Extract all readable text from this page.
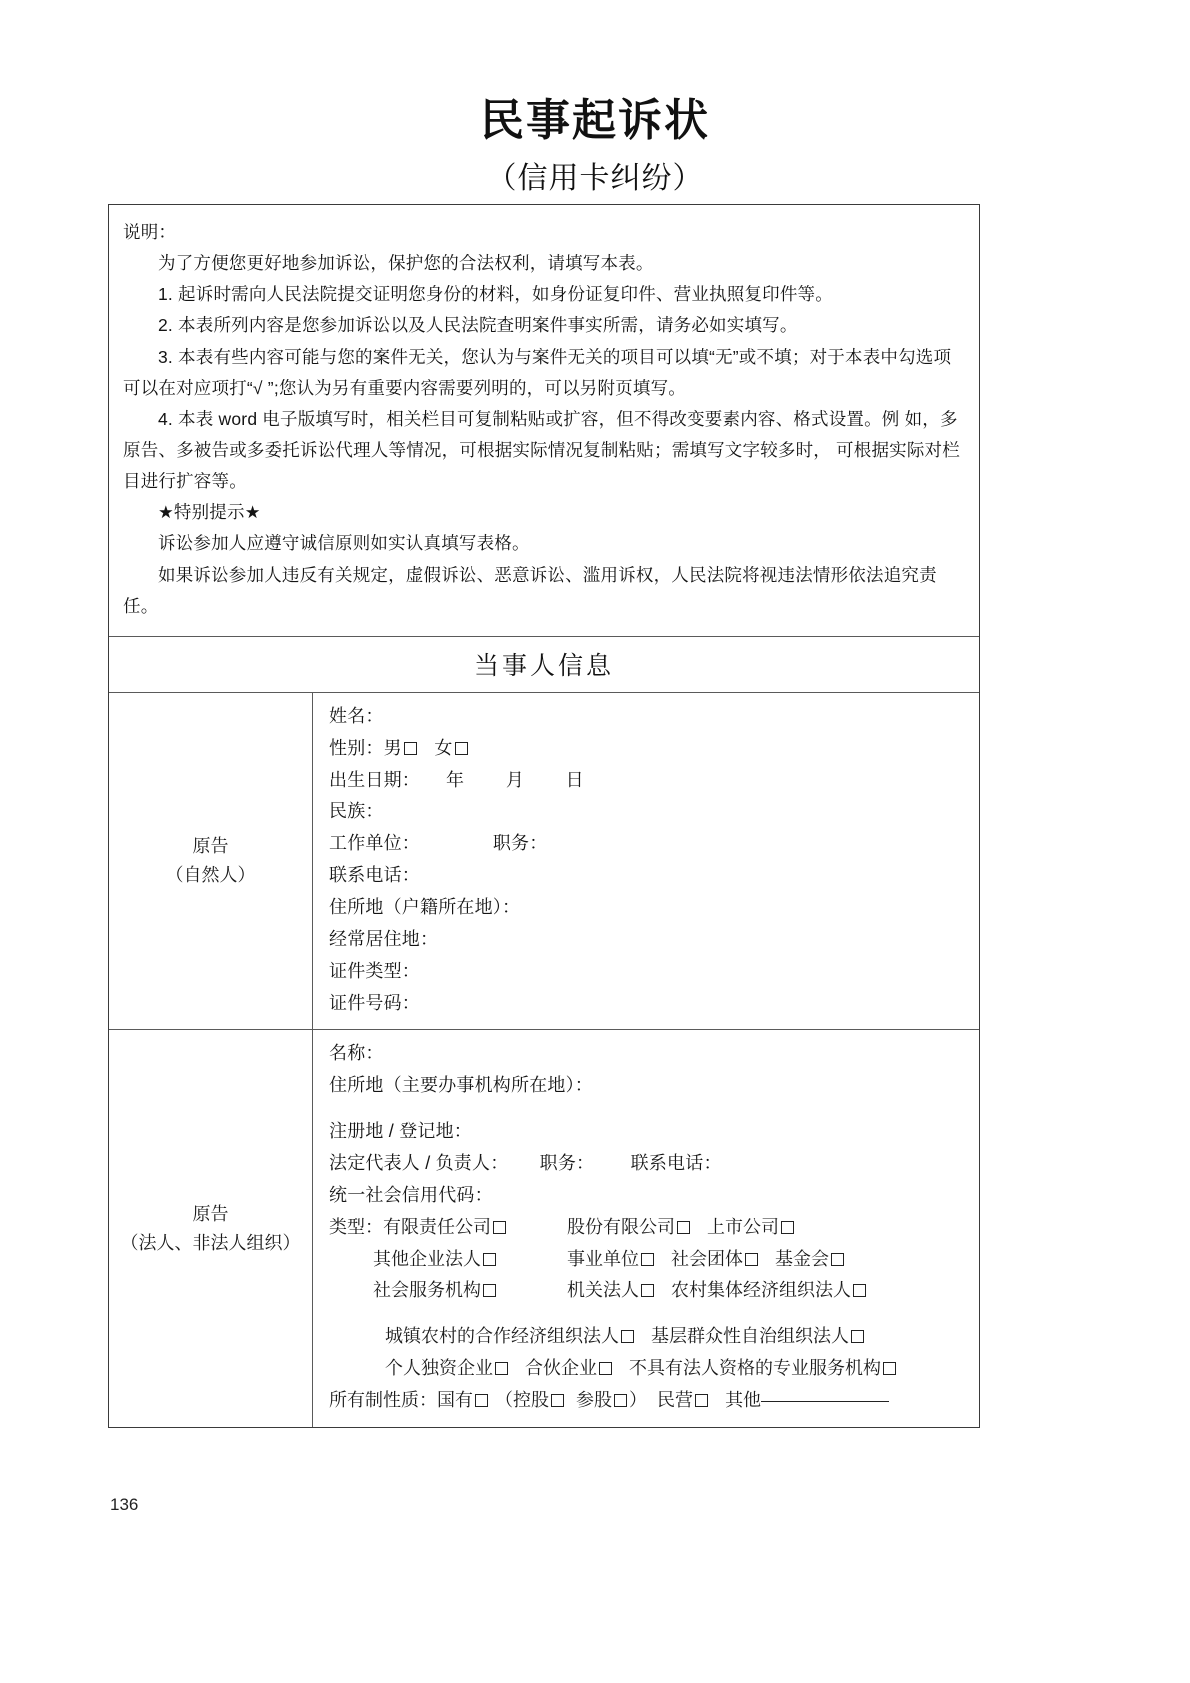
民事起诉状
（信用卡纠纷）
说明：
为了方便您更好地参加诉讼，保护您的合法权利，请填写本表。
1. 起诉时需向人民法院提交证明您身份的材料，如身份证复印件、营业执照复印件等。
2. 本表所列内容是您参加诉讼以及人民法院查明案件事实所需，请务必如实填写。
3. 本表有些内容可能与您的案件无关，您认为与案件无关的项目可以填“无”或不填；对于本表中勾选项可以在对应项打“√ ”;您认为另有重要内容需要列明的，可以另附页填写。
4. 本表 word 电子版填写时，相关栏目可复制粘贴或扩容，但不得改变要素内容、格式设置。例 如，多原告、多被告或多委托诉讼代理人等情况，可根据实际情况复制粘贴；需填写文字较多时， 可根据实际对栏目进行扩容等。
★特别提示★
诉讼参加人应遵守诚信原则如实认真填写表格。
如果诉讼参加人违反有关规定，虚假诉讼、恶意诉讼、滥用诉权，人民法院将视违法情形依法追究责任。
当事人信息
原告
（自然人）
姓名：
性别：男 女
出生日期： 年 月 日
民族：
工作单位：	职务：
联系电话：
住所地（户籍所在地）：
经常居住地：
证件类型：
证件号码：
原告
（法人、非法人组织）
名称：
住所地（主要办事机构所在地）：
注册地 / 登记地：
法定代表人 / 负责人： 职务： 联系电话：
统一社会信用代码：
类型：有限责任公司
其他企业法人
社会服务机构
股份有限公司 上市公司
事业单位 社会团体 基金会
机关法人 农村集体经济组织法人
城镇农村的合作经济组织法人 基层群众性自治组织法人
个人独资企业 合伙企业 不具有法人资格的专业服务机构
所有制性质：国有 （控股 参股 ） 民营 其他
136
